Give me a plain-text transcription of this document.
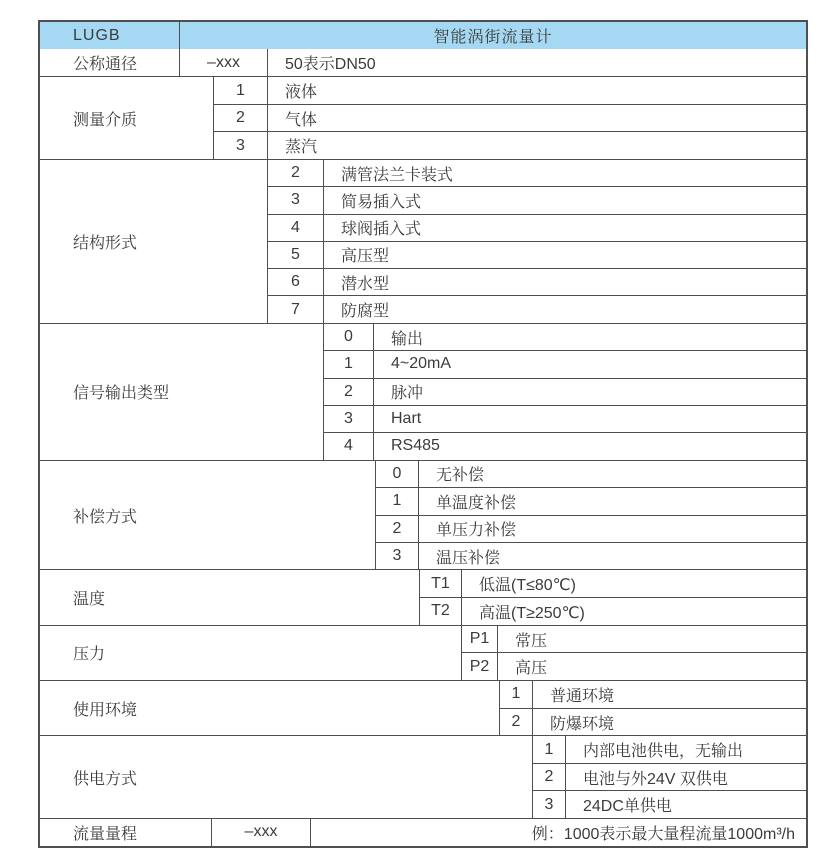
LUGB	智能涡街流量计
公称通径	–xxx	50表示DN50
测量介质
1	液体
2	气体
3	蒸汽
结构形式
2	满管法兰卡装式
3	简易插入式
4	球阀插入式
5	高压型
6	潜水型
7	防腐型
信号输出类型
0	输出
1	4~20mA
2	脉冲
3	Hart
4	RS485
补偿方式
0	无补偿
1	单温度补偿
2	单压力补偿
3	温压补偿
温度
T1	低温(T≤80℃)
T2	高温(T≥250℃)
压力
P1	常压
P2	高压
使用环境
1	普通环境
2	防爆环境
供电方式
1	内部电池供电，无输出
2	电池与外24V 双供电
3	24DC单供电
流量量程	–xxx	例：1000表示最大量程流量1000m³/h
